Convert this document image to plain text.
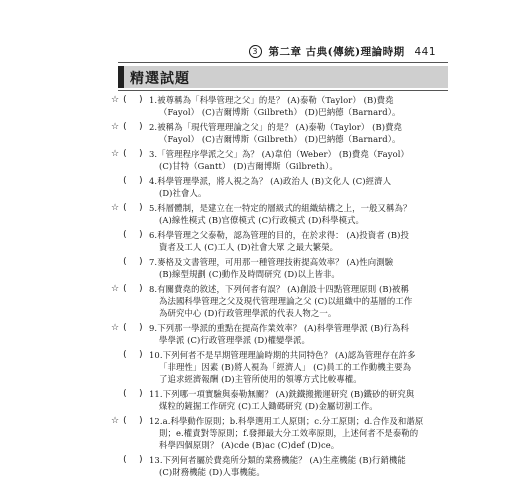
3 第二章 古典(傳統)理論時期 441
精選試題
☆ (  ) 1.被尊稱為「科學管理之父」的是？ (A)泰勒（Taylor） (B)費堯
（Fayol） (C)吉爾博斯（Gilbreth） (D)巴納德（Barnard）。
☆ (  ) 2.被稱為「現代管理理論之父」的是？ (A)泰勒（Taylor） (B)費堯
（Fayol） (C)吉爾博斯（Gilbreth） (D)巴納德（Barnard）。
☆ (  ) 3.「管理程序學派之父」為？ (A)韋伯（Weber） (B)費堯（Fayol）
(C)甘特（Gantt） (D)吉爾博斯（Gilbreth）。
(  ) 4.科學管理學派，將人視之為？ (A)政治人 (B)文化人 (C)經濟人
(D)社會人。
☆ (  ) 5.科層體制，是建立在一特定的層級式的組織結構之上，一般又稱為？
(A)線性模式 (B)官僚模式 (C)行政模式 (D)科學模式。
(  ) 6.科學管理之父泰勒，認為管理的目的，在於求得： (A)投資者 (B)投
資者及工人 (C)工人 (D)社會大眾 之最大繁榮。
(  ) 7.麥格及文書管理，可用那一種管理技術提高效率？ (A)性向測驗
(B)線型規劃 (C)動作及時間研究 (D)以上皆非。
☆ (  ) 8.有關費堯的敘述，下列何者有誤？ (A)創設十四點管理原則 (B)被稱
為法國科學管理之父及現代管理理論之父 (C)以組織中的基層的工作
為研究中心 (D)行政管理學派的代表人物之一。
☆ (  ) 9.下列那一學派的重點在提高作業效率？ (A)科學管理學派 (B)行為科
學學派 (C)行政管理學派 (D)權變學派。
(  ) 10.下列何者不是早期管理理論時期的共同特色？ (A)認為管理存在許多
「非理性」因素 (B)將人視為「經濟人」 (C)員工的工作動機主要為
了追求經濟報酬 (D)主管所使用的領導方式比較專權。
(  ) 11.下列哪一項實驗與泰勒無關？ (A)銑鐵搬搬運研究 (B)鐵砂的研究與
煤粒的鏟掘工作研究 (C)工人鋤碼研究 (D)金屬切割工作。
☆ (  ) 12.a.科學動作原則；b.科學選用工人原則；c.分工原則；d.合作及和諧原
則；e.權責對等原則；f.發揮最大分工效率原則，上述何者不是泰勒的
科學四個原則？ (A)cde (B)ac (C)def (D)ce。
(  ) 13.下列何者屬於費堯所分類的業務機能？ (A)生產機能 (B)行銷機能
(C)財務機能 (D)人事機能。
